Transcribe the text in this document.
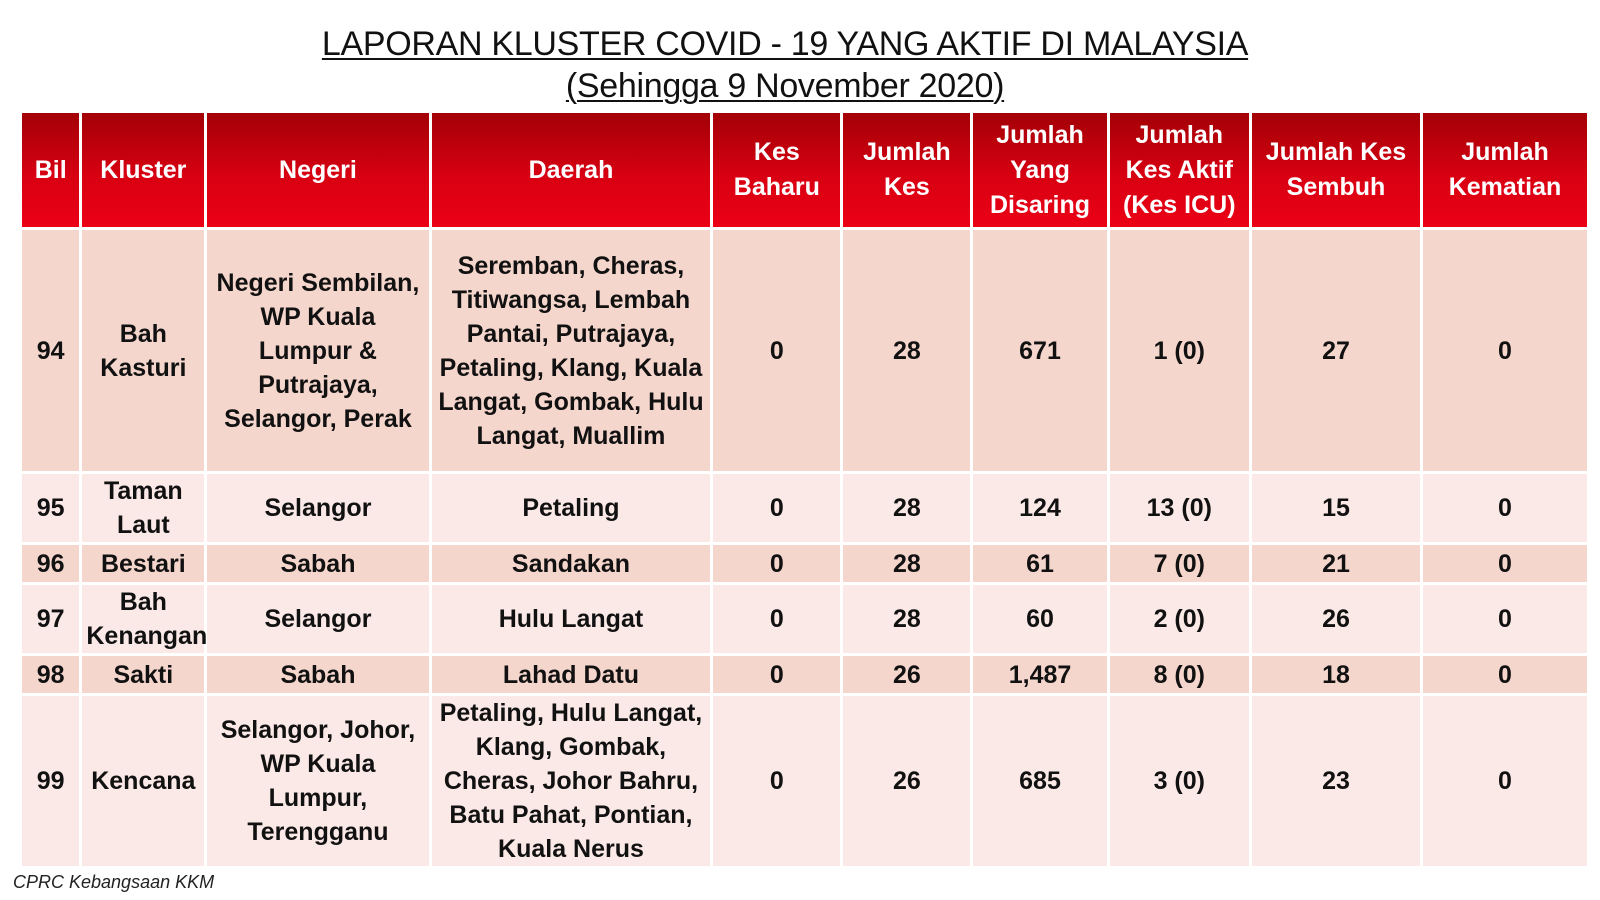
LAPORAN KLUSTER COVID - 19 YANG AKTIF DI MALAYSIA
(Sehingga 9 November 2020)
Bil	Kluster	Negeri	Daerah	Kes Baharu	Jumlah Kes	Jumlah Yang Disaring	Jumlah Kes Aktif (Kes ICU)	Jumlah Kes Sembuh	Jumlah Kematian
94	Bah Kasturi	Negeri Sembilan, WP Kuala Lumpur & Putrajaya, Selangor, Perak	Seremban, Cheras, Titiwangsa, Lembah Pantai, Putrajaya, Petaling, Klang, Kuala Langat, Gombak, Hulu Langat, Muallim	0	28	671	1 (0)	27	0
95	Taman Laut	Selangor	Petaling	0	28	124	13 (0)	15	0
96	Bestari	Sabah	Sandakan	0	28	61	7 (0)	21	0
97	Bah Kenangan	Selangor	Hulu Langat	0	28	60	2 (0)	26	0
98	Sakti	Sabah	Lahad Datu	0	26	1,487	8 (0)	18	0
99	Kencana	Selangor, Johor, WP Kuala Lumpur, Terengganu	Petaling, Hulu Langat, Klang, Gombak, Cheras, Johor Bahru, Batu Pahat, Pontian, Kuala Nerus	0	26	685	3 (0)	23	0
CPRC Kebangsaan KKM
